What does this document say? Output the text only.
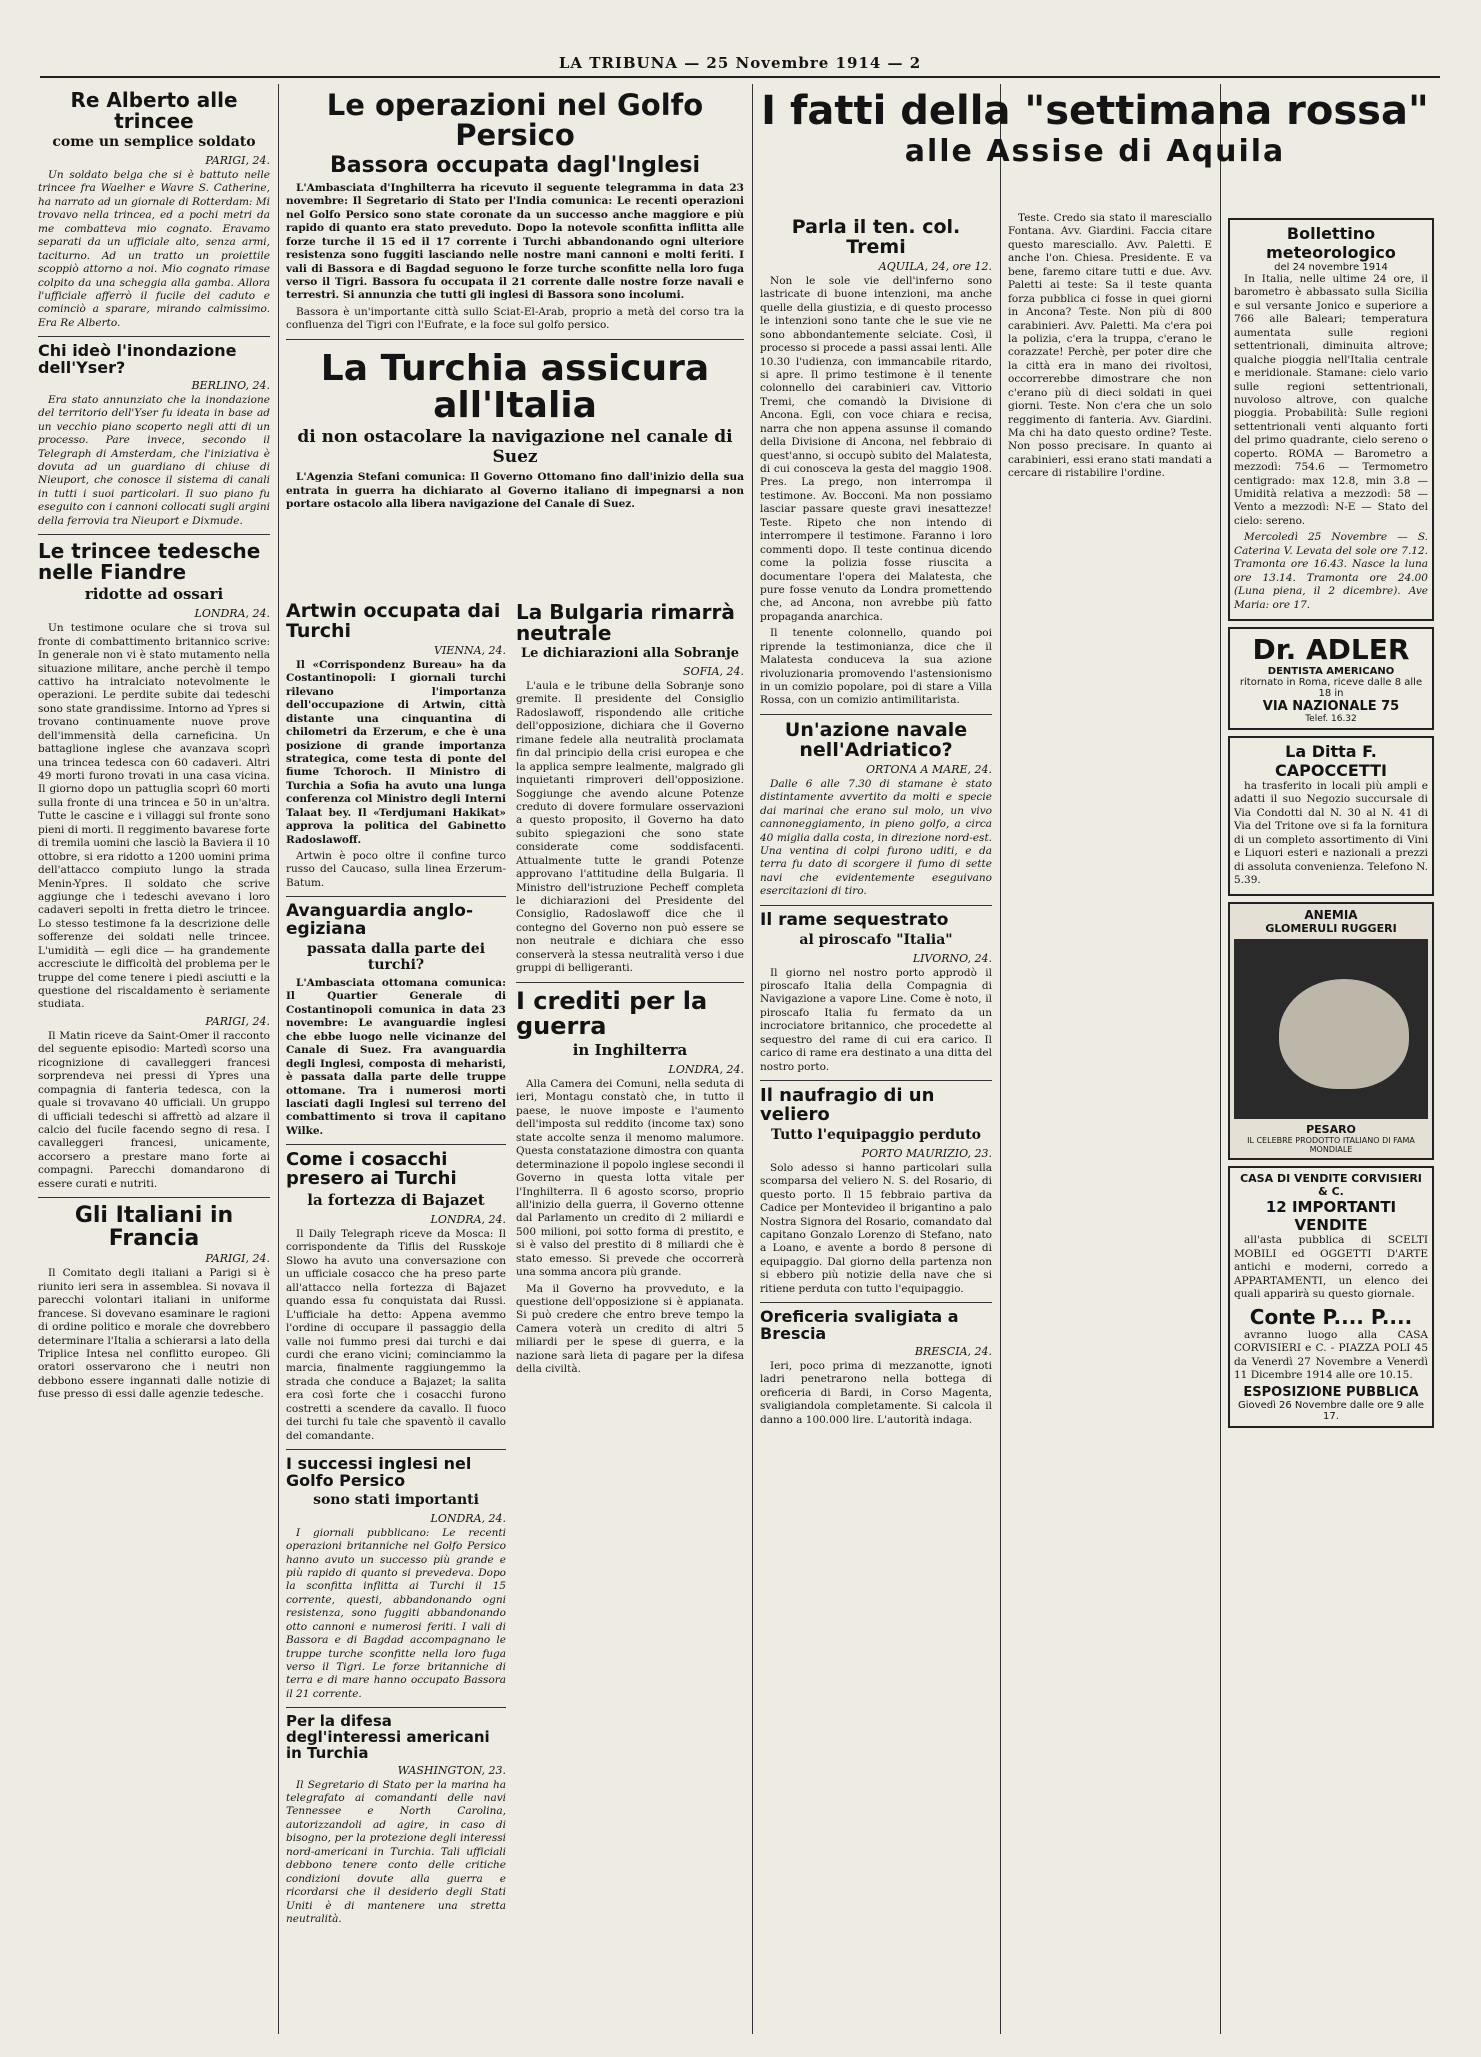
LA TRIBUNA — 25 Novembre 1914 — 2
Re Alberto alle trincee
come un semplice soldato
PARIGI, 24.

Un soldato belga che si è battuto nelle trincee fra Waelher e Wavre S. Catherine, ha narrato ad un giornale di Rotterdam: Mi trovavo nella trincea, ed a pochi metri da me combatteva mio cognato. Eravamo separati da un ufficiale alto, senza armi, taciturno. Ad un tratto un proiettile scoppiò attorno a noi. Mio cognato rimase colpito da una scheggia alla gamba. Allora l'ufficiale afferrò il fucile del caduto e cominciò a sparare, mirando calmissimo. Era Re Alberto.

Chi ideò l'inondazione dell'Yser?
BERLINO, 24.

Era stato annunziato che la inondazione del territorio dell'Yser fu ideata in base ad un vecchio piano scoperto negli atti di un processo. Pare invece, secondo il Telegraph di Amsterdam, che l'iniziativa è dovuta ad un guardiano di chiuse di Nieuport, che conosce il sistema di canali in tutti i suoi particolari. Il suo piano fu eseguito con i cannoni collocati sugli argini della ferrovia tra Nieuport e Dixmude.

Le trincee tedesche nelle Fiandre
ridotte ad ossari
LONDRA, 24.

Un testimone oculare che si trova sul fronte di combattimento britannico scrive: In generale non vi è stato mutamento nella situazione militare, anche perchè il tempo cattivo ha intralciato notevolmente le operazioni. Le perdite subite dai tedeschi sono state grandissime. Intorno ad Ypres si trovano continuamente nuove prove dell'immensità della carneficina. Un battaglione inglese che avanzava scoprì una trincea tedesca con 60 cadaveri. Altri 49 morti furono trovati in una casa vicina. Il giorno dopo un pattuglia scoprì 60 morti sulla fronte di una trincea e 50 in un'altra. Tutte le cascine e i villaggi sul fronte sono pieni di morti. Il reggimento bavarese forte di tremila uomini che lasciò la Baviera il 10 ottobre, si era ridotto a 1200 uomini prima dell'attacco compiuto lungo la strada Menin-Ypres. Il soldato che scrive aggiunge che i tedeschi avevano i loro cadaveri sepolti in fretta dietro le trincee. Lo stesso testimone fa la descrizione delle sofferenze dei soldati nelle trincee. L'umidità — egli dice — ha grandemente accresciute le difficoltà del problema per le truppe del come tenere i piedi asciutti e la questione del riscaldamento è seriamente studiata.

PARIGI, 24.

Il Matin riceve da Saint-Omer il racconto del seguente episodio: Martedì scorso una ricognizione di cavalleggeri francesi sorprendeva nei pressi di Ypres una compagnia di fanteria tedesca, con la quale si trovavano 40 ufficiali. Un gruppo di ufficiali tedeschi si affrettò ad alzare il calcio del fucile facendo segno di resa. I cavalleggeri francesi, unicamente, accorsero a prestare mano forte ai compagni. Parecchi domandarono di essere curati e nutriti.

Gli Italiani in Francia
PARIGI, 24.

Il Comitato degli italiani a Parigi si è riunito ieri sera in assemblea. Si novava il parecchi volontari italiani in uniforme francese. Si dovevano esaminare le ragioni di ordine politico e morale che dovrebbero determinare l'Italia a schierarsi a lato della Triplice Intesa nel conflitto europeo. Gli oratori osservarono che i neutri non debbono essere ingannati dalle notizie di fuse presso di essi dalle agenzie tedesche.

Le operazioni nel Golfo Persico
Bassora occupata dagl'Inglesi

L'Ambasciata d'Inghilterra ha ricevuto il seguente telegramma in data 23 novembre: Il Segretario di Stato per l'India comunica: Le recenti operazioni nel Golfo Persico sono state coronate da un successo anche maggiore e più rapido di quanto era stato preveduto. Dopo la notevole sconfitta inflitta alle forze turche il 15 ed il 17 corrente i Turchi abbandonando ogni ulteriore resistenza sono fuggiti lasciando nelle nostre mani cannoni e molti feriti. I vali di Bassora e di Bagdad seguono le forze turche sconfitte nella loro fuga verso il Tigri. Bassora fu occupata il 21 corrente dalle nostre forze navali e terrestri. Si annunzia che tutti gli inglesi di Bassora sono incolumi.

Bassora è un'importante città sullo Sciat-El-Arab, proprio a metà del corso tra la confluenza del Tigri con l'Eufrate, e la foce sul golfo persico.

La Turchia assicura all'Italia
di non ostacolare la navigazione nel canale di Suez

L'Agenzia Stefani comunica: Il Governo Ottomano fino dall'inizio della sua entrata in guerra ha dichiarato al Governo italiano di impegnarsi a non portare ostacolo alla libera navigazione del Canale di Suez.

Artwin occupata dai Turchi
VIENNA, 24.

Il «Corrispondenz Bureau» ha da Costantinopoli: I giornali turchi rilevano l'importanza dell'occupazione di Artwin, città distante una cinquantina di chilometri da Erzerum, e che è una posizione di grande importanza strategica, come testa di ponte del fiume Tchoroch. Il Ministro di Turchia a Sofia ha avuto una lunga conferenza col Ministro degli Interni Talaat bey. Il «Terdjumani Hakikat» approva la politica del Gabinetto Radoslawoff.

Artwin è poco oltre il confine turco russo del Caucaso, sulla linea Erzerum-Batum.

Avanguardia anglo-egiziana
passata dalla parte dei turchi?

L'Ambasciata ottomana comunica: Il Quartier Generale di Costantinopoli comunica in data 23 novembre: Le avanguardie inglesi che ebbe luogo nelle vicinanze del Canale di Suez. Fra avanguardia degli Inglesi, composta di meharisti, è passata dalla parte delle truppe ottomane. Tra i numerosi morti lasciati dagli Inglesi sul terreno del combattimento si trova il capitano Wilke.

Come i cosacchi presero ai Turchi
la fortezza di Bajazet
LONDRA, 24.

Il Daily Telegraph riceve da Mosca: Il corrispondente da Tiflis del Russkoje Slowo ha avuto una conversazione con un ufficiale cosacco che ha preso parte all'attacco nella fortezza di Bajazet quando essa fu conquistata dai Russi. L'ufficiale ha detto: Appena avemmo l'ordine di occupare il passaggio della valle noi fummo presi dai turchi e dai curdi che erano vicini; cominciammo la marcia, finalmente raggiungemmo la strada che conduce a Bajazet; la salita era così forte che i cosacchi furono costretti a scendere da cavallo. Il fuoco dei turchi fu tale che spaventò il cavallo del comandante.

I successi inglesi nel Golfo Persico
sono stati importanti
LONDRA, 24.

I giornali pubblicano: Le recenti operazioni britanniche nel Golfo Persico hanno avuto un successo più grande e più rapido di quanto si prevedeva. Dopo la sconfitta inflitta ai Turchi il 15 corrente, questi, abbandonando ogni resistenza, sono fuggiti abbandonando otto cannoni e numerosi feriti. I vali di Bassora e di Bagdad accompagnano le truppe turche sconfitte nella loro fuga verso il Tigri. Le forze britanniche di terra e di mare hanno occupato Bassora il 21 corrente.

Per la difesa degl'interessi americani in Turchia
WASHINGTON, 23.

Il Segretario di Stato per la marina ha telegrafato ai comandanti delle navi Tennessee e North Carolina, autorizzandoli ad agire, in caso di bisogno, per la protezione degli interessi nord-americani in Turchia. Tali ufficiali debbono tenere conto delle critiche condizioni dovute alla guerra e ricordarsi che il desiderio degli Stati Uniti è di mantenere una stretta neutralità.

La Bulgaria rimarrà neutrale
Le dichiarazioni alla Sobranje
SOFIA, 24.

L'aula e le tribune della Sobranje sono gremite. Il presidente del Consiglio Radoslawoff, rispondendo alle critiche dell'opposizione, dichiara che il Governo rimane fedele alla neutralità proclamata fin dal principio della crisi europea e che la applica sempre lealmente, malgrado gli inquietanti rimproveri dell'opposizione. Soggiunge che avendo alcune Potenze creduto di dovere formulare osservazioni a questo proposito, il Governo ha dato subito spiegazioni che sono state considerate come soddisfacenti. Attualmente tutte le grandi Potenze approvano l'attitudine della Bulgaria. Il Ministro dell'istruzione Pecheff completa le dichiarazioni del Presidente del Consiglio, Radoslawoff dice che il contegno del Governo non può essere se non neutrale e dichiara che esso conserverà la stessa neutralità verso i due gruppi di belligeranti.

I crediti per la guerra
in Inghilterra
LONDRA, 24.

Alla Camera dei Comuni, nella seduta di ieri, Montagu constatò che, in tutto il paese, le nuove imposte e l'aumento dell'imposta sul reddito (income tax) sono state accolte senza il menomo malumore. Questa constatazione dimostra con quanta determinazione il popolo inglese secondi il Governo in questa lotta vitale per l'Inghilterra. Il 6 agosto scorso, proprio all'inizio della guerra, il Governo ottenne dal Parlamento un credito di 2 miliardi e 500 milioni, poi sotto forma di prestito, e si è valso del prestito di 8 miliardi che è stato emesso. Si prevede che occorrerà una somma ancora più grande.

Ma il Governo ha provveduto, e la questione dell'opposizione si è appianata. Si può credere che entro breve tempo la Camera voterà un credito di altri 5 miliardi per le spese di guerra, e la nazione sarà lieta di pagare per la difesa della civiltà.

I fatti della "settimana rossa"
alle Assise di Aquila
Parla il ten. col. Tremi
AQUILA, 24, ore 12.

Non le sole vie dell'inferno sono lastricate di buone intenzioni, ma anche quelle della giustizia, e di questo processo le intenzioni sono tante che le sue vie ne sono abbondantemente selciate. Così, il processo si procede a passi assai lenti. Alle 10.30 l'udienza, con immancabile ritardo, si apre. Il primo testimone è il tenente colonnello dei carabinieri cav. Vittorio Tremi, che comandò la Divisione di Ancona. Egli, con voce chiara e recisa, narra che non appena assunse il comando della Divisione di Ancona, nel febbraio di quest'anno, si occupò subito del Malatesta, di cui conosceva la gesta del maggio 1908. Pres. La prego, non interrompa il testimone. Av. Bocconi. Ma non possiamo lasciar passare queste gravi inesattezze! Teste. Ripeto che non intendo di interrompere il testimone. Faranno i loro commenti dopo. Il teste continua dicendo come la polizia fosse riuscita a documentare l'opera dei Malatesta, che pure fosse venuto da Londra promettendo che, ad Ancona, non avrebbe più fatto propaganda anarchica.

Il tenente colonnello, quando poi riprende la testimonianza, dice che il Malatesta conduceva la sua azione rivoluzionaria promovendo l'astensionismo in un comizio popolare, poi di stare a Villa Rossa, con un comizio antimilitarista.

Un'azione navale nell'Adriatico?
ORTONA A MARE, 24.

Dalle 6 alle 7.30 di stamane è stato distintamente avvertito da molti e specie dai marinai che erano sul molo, un vivo cannoneggiamento, in pieno golfo, a circa 40 miglia dalla costa, in direzione nord-est. Una ventina di colpi furono uditi, e da terra fu dato di scorgere il fumo di sette navi che evidentemente eseguivano esercitazioni di tiro.

Il rame sequestrato
al piroscafo "Italia"
LIVORNO, 24.

Il giorno nel nostro porto approdò il piroscafo Italia della Compagnia di Navigazione a vapore Line. Come è noto, il piroscafo Italia fu fermato da un incrociatore britannico, che procedette al sequestro del rame di cui era carico. Il carico di rame era destinato a una ditta del nostro porto.

Il naufragio di un veliero
Tutto l'equipaggio perduto
PORTO MAURIZIO, 23.

Solo adesso si hanno particolari sulla scomparsa del veliero N. S. del Rosario, di questo porto. Il 15 febbraio partiva da Cadice per Montevideo il brigantino a palo Nostra Signora del Rosario, comandato dal capitano Gonzalo Lorenzo di Stefano, nato a Loano, e avente a bordo 8 persone di equipaggio. Dal giorno della partenza non si ebbero più notizie della nave che si ritiene perduta con tutto l'equipaggio.

Oreficeria svaligiata a Brescia
BRESCIA, 24.

Ieri, poco prima di mezzanotte, ignoti ladri penetrarono nella bottega di oreficeria di Bardi, in Corso Magenta, svaligiandola completamente. Si calcola il danno a 100.000 lire. L'autorità indaga.

Teste. Credo sia stato il maresciallo Fontana. Avv. Giardini. Faccia citare questo maresciallo. Avv. Paletti. E anche l'on. Chiesa. Presidente. E va bene, faremo citare tutti e due. Avv. Paletti ai teste: Sa il teste quanta forza pubblica ci fosse in quei giorni in Ancona? Teste. Non più di 800 carabinieri. Avv. Paletti. Ma c'era poi la polizia, c'era la truppa, c'erano le corazzate! Perchè, per poter dire che la città era in mano dei rivoltosi, occorrerebbe dimostrare che non c'erano più di dieci soldati in quei giorni. Teste. Non c'era che un solo reggimento di fanteria. Avv. Giardini. Ma chi ha dato questo ordine? Teste. Non posso precisare. In quanto ai carabinieri, essi erano stati mandati a cercare di ristabilire l'ordine.

Bollettino meteorologico
del 24 novembre 1914

In Italia, nelle ultime 24 ore, il barometro è abbassato sulla Sicilia e sul versante Jonico e superiore a 766 alle Baleari; temperatura aumentata sulle regioni settentrionali, diminuita altrove; qualche pioggia nell'Italia centrale e meridionale. Stamane: cielo vario sulle regioni settentrionali, nuvoloso altrove, con qualche pioggia. Probabilità: Sulle regioni settentrionali venti alquanto forti del primo quadrante, cielo sereno o coperto. ROMA — Barometro a mezzodì: 754.6 — Termometro centigrado: max 12.8, min 3.8 — Umidità relativa a mezzodì: 58 — Vento a mezzodì: N-E — Stato del cielo: sereno.

Mercoledì 25 Novembre — S. Caterina V. Levata del sole ore 7.12. Tramonta ore 16.43. Nasce la luna ore 13.14. Tramonta ore 24.00 (Luna piena, il 2 dicembre). Ave Maria: ore 17.

Dr. ADLER
DENTISTA AMERICANO
ritornato in Roma, riceve dalle 8 alle 18 in
VIA NAZIONALE 75
Telef. 16.32
La Ditta F. CAPOCCETTI

ha trasferito in locali più ampli e adatti il suo Negozio succursale di Via Condotti dal N. 30 al N. 41 di Via del Tritone ove si fa la fornitura di un completo assortimento di Vini e Liquori esteri e nazionali a prezzi di assoluta convenienza. Telefono N. 5.39.

ANEMIA
GLOMERULI RUGGERI
PESARO
IL CELEBRE PRODOTTO ITALIANO DI FAMA MONDIALE
CASA DI VENDITE CORVISIERI & C.
12 IMPORTANTI VENDITE

all'asta pubblica di SCELTI MOBILI ed OGGETTI D'ARTE antichi e moderni, corredo a APPARTAMENTI, un elenco dei quali apparirà su questo giornale.

Conte P.... P....

avranno luogo alla CASA CORVISIERI e C. - PIAZZA POLI 45 da Venerdì 27 Novembre a Venerdì 11 Dicembre 1914 alle ore 10.15.

ESPOSIZIONE PUBBLICA
Giovedì 26 Novembre dalle ore 9 alle 17.
